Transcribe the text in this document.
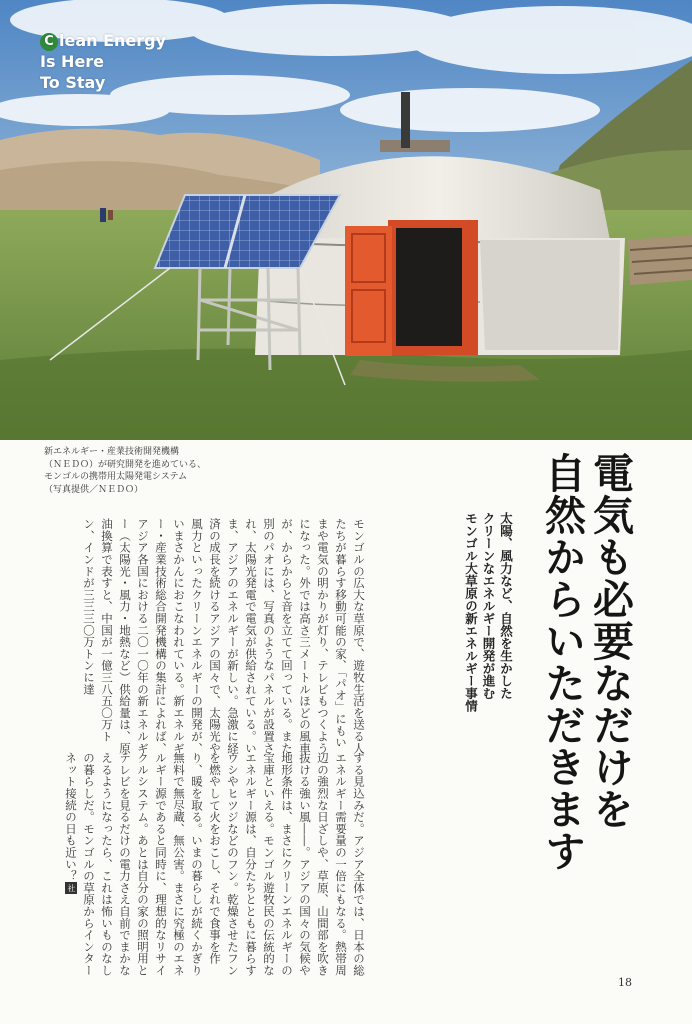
C lean Energy
Is Here
To Stay
新エネルギー・産業技術開発機構
（ＮＥＤＯ）が研究開発を進めている、
モンゴルの携帯用太陽発電システム
（写真提供／ＮＥＤＯ）	電気も必要なだけを
自然からいただきます
太陽、風力など、自然を生かした
クリーンなエネルギー開発が進む
モンゴル大草原の新エネルギー事情
モンゴルの広大な草原で、遊牧生活を送る人たちが暮らす移動可能の家、「パオ」にもいまや電気の明かりが灯り、テレビもつくようになった。外では高さ三メートルほどの風車が、からからと音を立てて回っている。また別のパオには、写真のようなパネルが設置され、太陽光発電で電気が供給されている。いま、アジアのエネルギーが新しい。急激に経済の成長を続けるアジアの国々で、太陽光や風力といったクリーンエネルギーの開発が、いまさかんにおこなわれている。新エネルギー・産業技術総合開発機構の集計によれば、アジア各国における二〇一〇年の新エネルギー（太陽光・風力・地熱など）供給量は、原油換算で表すと、中国が一億三八五〇万トン、インドが三三三〇万トンに達
する見込みだ。アジア全体では、日本の総エネルギー需要量の一倍にもなる。熱帯周辺の強烈な日ざしや、草原、山間部を吹き抜ける強い風――。アジアの国々の気候や地形条件は、まさにクリーンエネルギーの宝庫といえる。モンゴル遊牧民の伝統的なエネルギー源は、自分たちとともに暮らすウシやヒツジなどのフン。乾燥させたフンを燃やして火をおこし、それで食事を作り、暖を取る。いまの暮らしが続くかぎり無料で無尽蔵、無公害。まさに究極のエネルギー源であると同時に、理想的なリサイクルシステム。あとは自分の家の照明用とテレビを見るだけの電力さえ自前でまかなえるようになったら、これは怖いものなしの暮らしだ。モンゴルの草原からインターネット接続の日も近い？社
18
